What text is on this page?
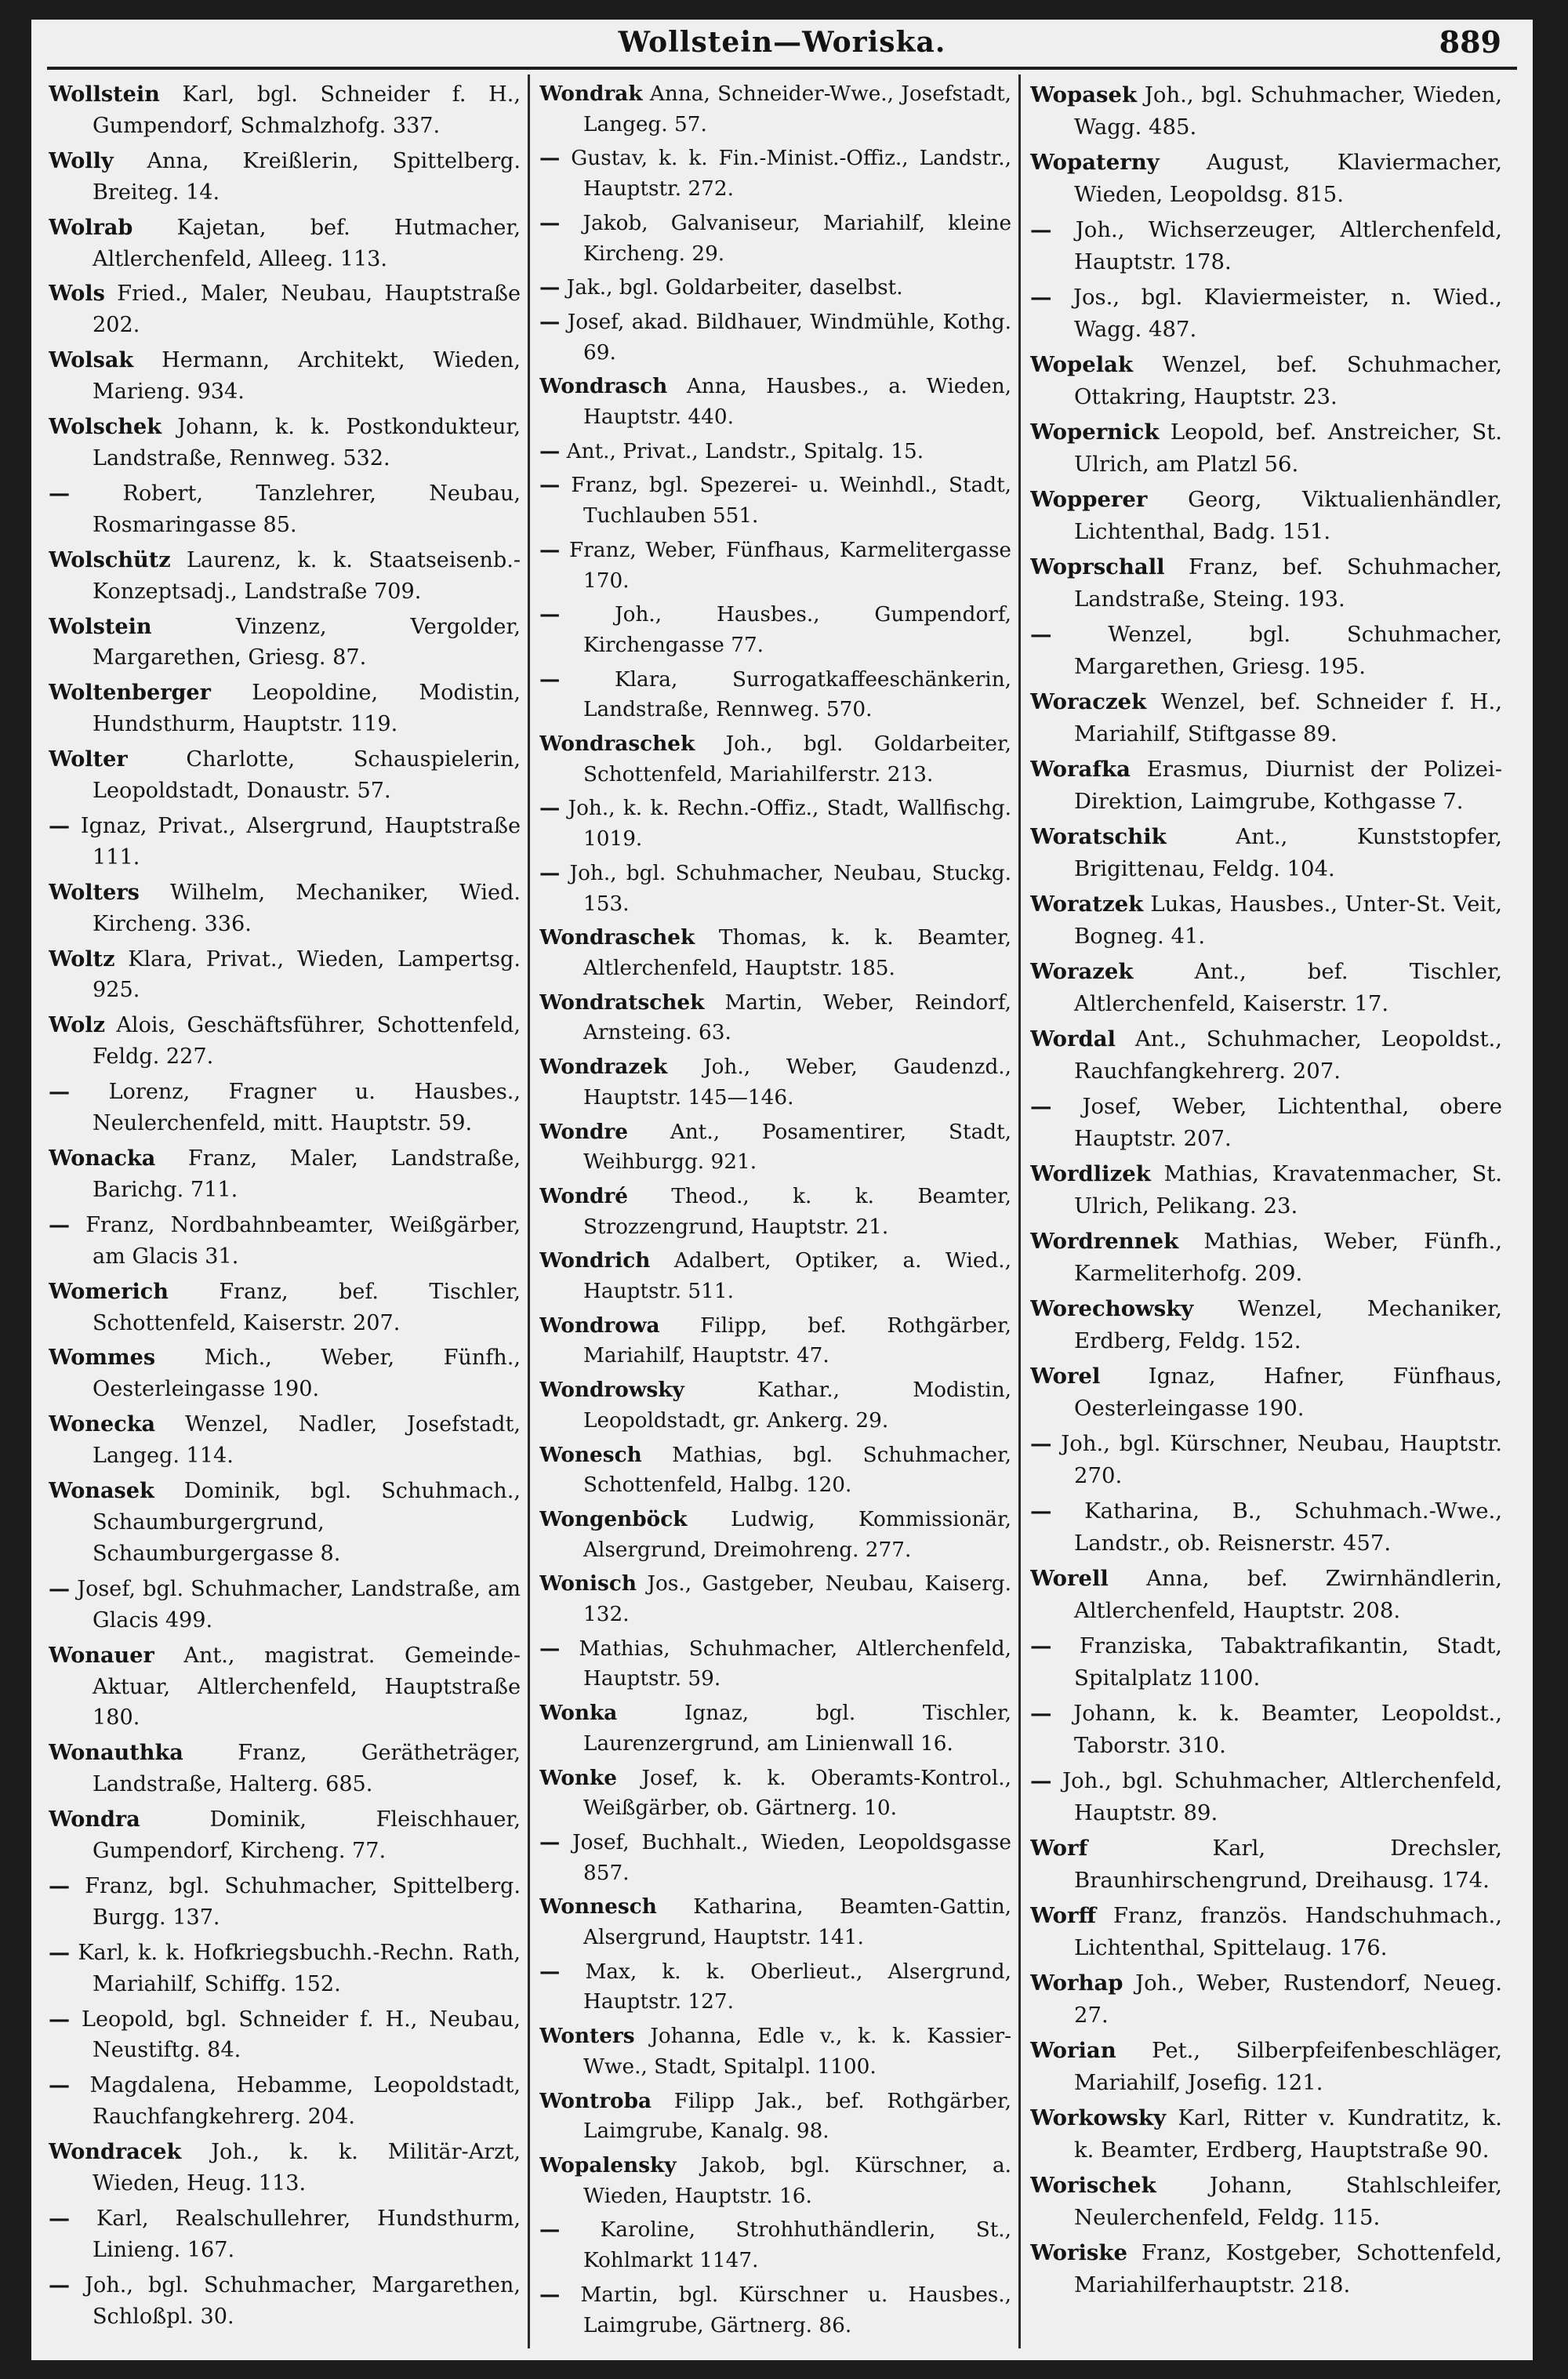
Wollstein—Woriska.	889

Wollstein Karl, bgl. Schneider f. H., Gumpendorf, Schmalzhofg. 337.

Wolly Anna, Kreißlerin, Spittelberg. Breiteg. 14.

Wolrab Kajetan, bef. Hutmacher, Altlerchenfeld, Alleeg. 113.

Wols Fried., Maler, Neubau, Hauptstraße 202.

Wolsak Hermann, Architekt, Wieden, Marieng. 934.

Wolschek Johann, k. k. Postkondukteur, Landstraße, Rennweg. 532.

— Robert, Tanzlehrer, Neubau, Rosmaringasse 85.

Wolschütz Laurenz, k. k. Staatseisenb.-Konzeptsadj., Landstraße 709.

Wolstein	Vinzenz, Vergolder, Margarethen, Griesg. 87.

Woltenberger Leopoldine, Modistin, Hundsthurm, Hauptstr. 119.

Wolter	Charlotte, Schauspielerin, Leopoldstadt, Donaustr. 57.

— Ignaz, Privat., Alsergrund, Hauptstraße 111.

Wolters Wilhelm, Mechaniker, Wied. Kircheng. 336.

Woltz Klara, Privat., Wieden, Lampertsg. 925.

Wolz Alois, Geschäftsführer, Schottenfeld, Feldg. 227.

— Lorenz, Fragner u. Hausbes., Neulerchenfeld, mitt. Hauptstr. 59.

Wonacka Franz, Maler, Landstraße, Barichg. 711.

— Franz, Nordbahnbeamter, Weißgärber, am Glacis 31.

Womerich Franz, bef. Tischler, Schottenfeld, Kaiserstr. 207.

Wommes Mich., Weber, Fünfh., Oesterleingasse 190.

Wonecka Wenzel, Nadler, Josefstadt, Langeg. 114.

Wonasek Dominik, bgl. Schuhmach., Schaumburgergrund, Schaumburgergasse 8.

— Josef, bgl. Schuhmacher, Landstraße, am Glacis 499.

Wonauer Ant., magistrat. Gemeinde-Aktuar, Altlerchenfeld, Hauptstraße 180.

Wonauthka	Franz, Gerätheträger, Landstraße, Halterg. 685.

Wondra	Dominik, Fleischhauer, Gumpendorf, Kircheng. 77.

— Franz, bgl. Schuhmacher, Spittelberg. Burgg. 137.

— Karl, k. k. Hofkriegsbuchh.-Rechn. Rath, Mariahilf, Schiffg. 152.

— Leopold, bgl. Schneider f. H., Neubau, Neustiftg. 84.

— Magdalena, Hebamme, Leopoldstadt, Rauchfangkehrerg. 204.

Wondracek Joh., k. k. Militär-Arzt, Wieden, Heug. 113.

— Karl, Realschullehrer, Hundsthurm, Linieng. 167.

— Joh., bgl. Schuhmacher, Margarethen, Schloßpl. 30.

Wondrak Anna, Schneider-Wwe., Josefstadt, Langeg. 57.

— Gustav, k. k. Fin.-Minist.-Offiz., Landstr., Hauptstr. 272.

— Jakob, Galvaniseur, Mariahilf, kleine Kircheng. 29.

— Jak., bgl. Goldarbeiter, daselbst.

— Josef, akad. Bildhauer, Windmühle, Kothg. 69.

Wondrasch Anna, Hausbes., a. Wieden, Hauptstr. 440.

— Ant., Privat., Landstr., Spitalg. 15.

— Franz, bgl. Spezerei- u. Weinhdl., Stadt, Tuchlauben 551.

— Franz, Weber, Fünfhaus, Karmelitergasse 170.

—	Joh., Hausbes., Gumpendorf, Kirchengasse 77.

—	Klara, Surrogatkaffeeschänkerin, Landstraße, Rennweg. 570.

Wondraschek Joh., bgl. Goldarbeiter, Schottenfeld, Mariahilferstr. 213.

— Joh., k. k. Rechn.-Offiz., Stadt, Wallfischg. 1019.

— Joh., bgl. Schuhmacher, Neubau, Stuckg. 153.

Wondraschek Thomas, k. k. Beamter, Altlerchenfeld, Hauptstr. 185.

Wondratschek Martin, Weber, Reindorf, Arnsteing. 63.

Wondrazek Joh., Weber, Gaudenzd., Hauptstr. 145—146.

Wondre Ant., Posamentirer, Stadt, Weihburgg. 921.

Wondré Theod., k. k. Beamter, Strozzengrund, Hauptstr. 21.

Wondrich Adalbert, Optiker, a. Wied., Hauptstr. 511.

Wondrowa Filipp, bef. Rothgärber, Mariahilf, Hauptstr. 47.

Wondrowsky	Kathar., Modistin, Leopoldstadt, gr. Ankerg. 29.

Wonesch Mathias, bgl. Schuhmacher, Schottenfeld, Halbg. 120.

Wongenböck Ludwig, Kommissionär, Alsergrund, Dreimohreng. 277.

Wonisch Jos., Gastgeber, Neubau, Kaiserg. 132.

— Mathias, Schuhmacher, Altlerchenfeld, Hauptstr. 59.

Wonka	Ignaz, bgl. Tischler, Laurenzergrund, am Linienwall 16.

Wonke Josef, k. k. Oberamts-Kontrol., Weißgärber, ob. Gärtnerg. 10.

— Josef, Buchhalt., Wieden, Leopoldsgasse 857.

Wonnesch Katharina, Beamten-Gattin, Alsergrund, Hauptstr. 141.

— Max, k. k. Oberlieut., Alsergrund, Hauptstr. 127.

Wonters Johanna, Edle v., k. k. Kassier-Wwe., Stadt, Spitalpl. 1100.

Wontroba Filipp Jak., bef. Rothgärber, Laimgrube, Kanalg. 98.

Wopalensky Jakob, bgl. Kürschner, a. Wieden, Hauptstr. 16.

— Karoline, Strohhuthändlerin, St., Kohlmarkt 1147.

— Martin, bgl. Kürschner u. Hausbes., Laimgrube, Gärtnerg. 86.

Wopasek Joh., bgl. Schuhmacher, Wieden, Wagg. 485.

Wopaterny August, Klaviermacher, Wieden, Leopoldsg. 815.

— Joh., Wichserzeuger, Altlerchenfeld, Hauptstr. 178.

— Jos., bgl. Klaviermeister, n. Wied., Wagg. 487.

Wopelak Wenzel, bef. Schuhmacher, Ottakring, Hauptstr. 23.

Wopernick Leopold, bef. Anstreicher, St. Ulrich, am Platzl 56.

Wopperer Georg, Viktualienhändler, Lichtenthal, Badg. 151.

Woprschall Franz, bef. Schuhmacher, Landstraße, Steing. 193.

—	Wenzel, bgl. Schuhmacher, Margarethen, Griesg. 195.

Woraczek Wenzel, bef. Schneider f. H., Mariahilf, Stiftgasse 89.

Worafka Erasmus, Diurnist der Polizei-Direktion, Laimgrube, Kothgasse 7.

Woratschik	Ant., Kunststopfer, Brigittenau, Feldg. 104.

Woratzek Lukas, Hausbes., Unter-St. Veit, Bogneg. 41.

Worazek	Ant., bef. Tischler, Altlerchenfeld, Kaiserstr. 17.

Wordal Ant., Schuhmacher, Leopoldst., Rauchfangkehrerg. 207.

— Josef, Weber, Lichtenthal, obere Hauptstr. 207.

Wordlizek Mathias, Kravatenmacher, St. Ulrich, Pelikang. 23.

Wordrennek Mathias, Weber, Fünfh., Karmeliterhofg. 209.

Worechowsky Wenzel, Mechaniker, Erdberg, Feldg. 152.

Worel Ignaz, Hafner, Fünfhaus, Oesterleingasse 190.

— Joh., bgl. Kürschner, Neubau, Hauptstr. 270.

— Katharina, B., Schuhmach.-Wwe., Landstr., ob. Reisnerstr. 457.

Worell Anna, bef. Zwirnhändlerin, Altlerchenfeld, Hauptstr. 208.

— Franziska, Tabaktrafikantin, Stadt, Spitalplatz 1100.

— Johann, k. k. Beamter, Leopoldst., Taborstr. 310.

— Joh., bgl. Schuhmacher, Altlerchenfeld, Hauptstr. 89.

Worf	Karl, Drechsler, Braunhirschengrund, Dreihausg. 174.

Worff Franz, französ. Handschuhmach., Lichtenthal, Spittelaug. 176.

Worhap Joh., Weber, Rustendorf, Neueg. 27.

Worian Pet., Silberpfeifenbeschläger, Mariahilf, Josefig. 121.

Workowsky Karl, Ritter v. Kundratitz, k. k. Beamter, Erdberg, Hauptstraße 90.

Worischek Johann, Stahlschleifer, Neulerchenfeld, Feldg. 115.

Woriske Franz, Kostgeber, Schottenfeld, Mariahilferhauptstr. 218.
